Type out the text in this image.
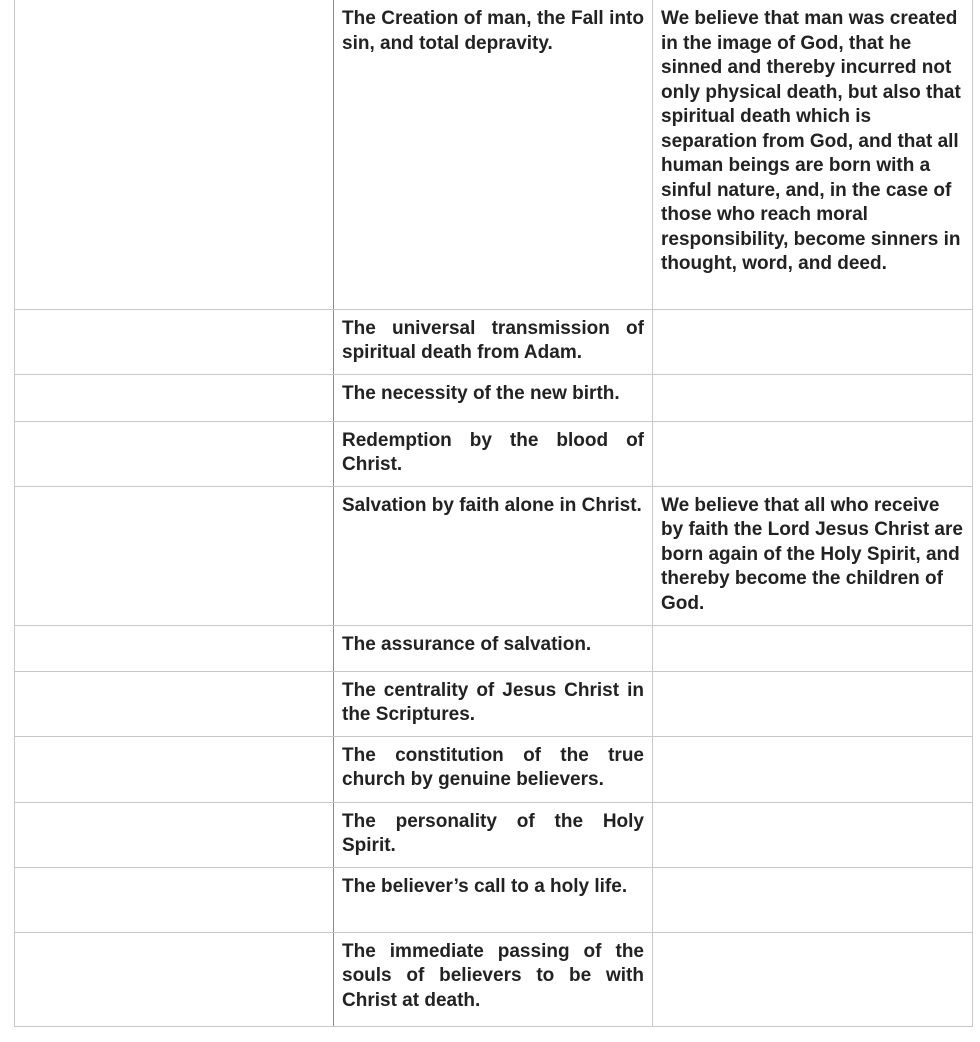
	The Creation of man, the Fall into sin, and total depravity.	We believe that man was created in the image of God, that he sinned and thereby incurred not only physical death, but also that spiritual death which is separation from God, and that all human beings are born with a sinful nature, and, in the case of those who reach moral responsibility, become sinners in thought, word, and deed.
	The universal transmission of spiritual death from Adam.	
	The necessity of the new birth.	
	Redemption by the blood of Christ.	
	Salvation by faith alone in Christ.	We believe that all who receive by faith the Lord Jesus Christ are born again of the Holy Spirit, and thereby become the children of God.
	The assurance of salvation.	
	The centrality of Jesus Christ in the Scriptures.	
	The constitution of the true church by genuine believers.	
	The personality of the Holy Spirit.	
	The believer’s call to a holy life.	
	The immediate passing of the souls of believers to be with Christ at death.	
